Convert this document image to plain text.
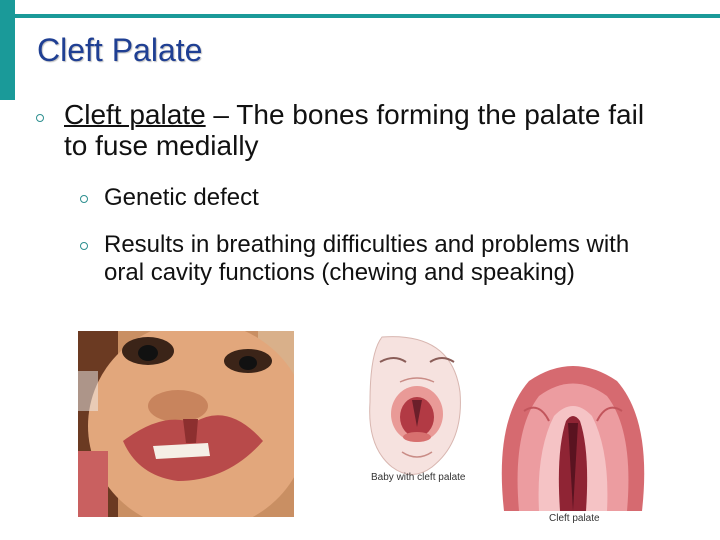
Cleft Palate
Cleft palate – The bones forming the palate fail to fuse medially
Genetic defect
Results in breathing difficulties and problems with oral cavity functions (chewing and speaking)
Baby with cleft palate
Cleft palate
